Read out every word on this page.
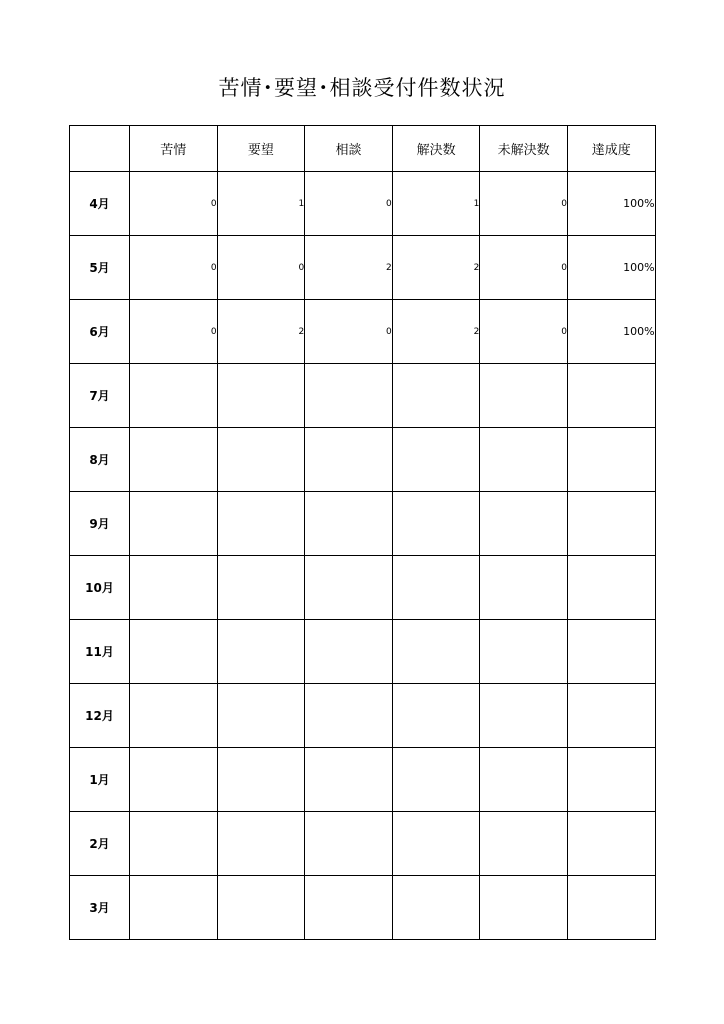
苦情･要望･相談受付件数状況
	苦情	要望	相談	解決数	未解決数	達成度
4月	0	1	0	1	0	100%
5月	0	0	2	2	0	100%
6月	0	2	0	2	0	100%
7月						
8月						
9月						
10月						
11月						
12月						
1月						
2月						
3月						
